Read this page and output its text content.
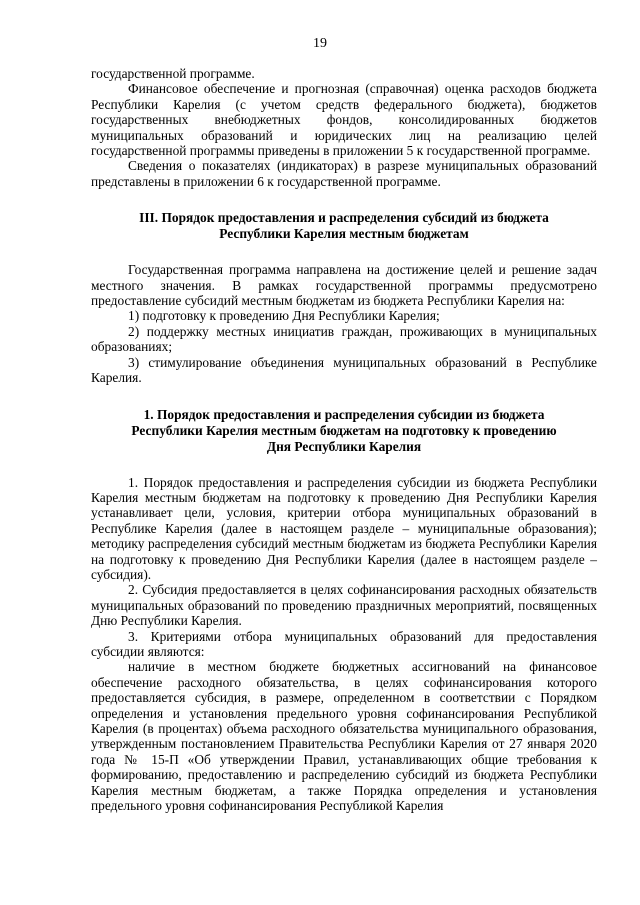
19

государственной программе.

Финансовое обеспечение и прогнозная (справочная) оценка расходов бюджета Республики Карелия (с учетом средств федерального бюджета), бюджетов государственных внебюджетных фондов, консолидированных бюджетов муниципальных образований и юридических лиц на реализацию целей государственной программы приведены в приложении 5 к государственной программе.

Сведения о показателях (индикаторах) в разрезе муниципальных образований представлены в приложении 6 к государственной программе.

III. Порядок предоставления и распределения субсидий из бюджета
Республики Карелия местным бюджетам

Государственная программа направлена на достижение целей и решение задач местного значения. В рамках государственной программы предусмотрено предоставление субсидий местным бюджетам из бюджета Республики Карелия на:

1) подготовку к проведению Дня Республики Карелия;

2) поддержку местных инициатив граждан, проживающих в муниципальных образованиях;

3) стимулирование объединения муниципальных образований в Республике Карелия.

1. Порядок предоставления и распределения субсидии из бюджета
Республики Карелия местным бюджетам на подготовку к проведению
Дня Республики Карелия

1. Порядок предоставления и распределения субсидии из бюджета Республики Карелия местным бюджетам на подготовку к проведению Дня Республики Карелия устанавливает цели, условия, критерии отбора муниципальных образований в Республике Карелия (далее в настоящем разделе – муниципальные образования); методику распределения субсидий местным бюджетам из бюджета Республики Карелия на подготовку к проведению Дня Республики Карелия (далее в настоящем разделе – субсидия).

2. Субсидия предоставляется в целях софинансирования расходных обязательств муниципальных образований по проведению праздничных мероприятий, посвященных Дню Республики Карелия.

3. Критериями отбора муниципальных образований для предоставления субсидии являются:

наличие в местном бюджете бюджетных ассигнований на финансовое обеспечение расходного обязательства, в целях софинансирования которого предоставляется субсидия, в размере, определенном в соответствии с Порядком определения и установления предельного уровня софинансирования Республикой Карелия (в процентах) объема расходного обязательства муниципального образования, утвержденным постановлением Правительства Республики Карелия от 27 января 2020 года № 15-П «Об утверждении Правил, устанавливающих общие требования к формированию, предоставлению и распределению субсидий из бюджета Республики Карелия местным бюджетам, а также Порядка определения и установления предельного уровня софинансирования Республикой Карелия
